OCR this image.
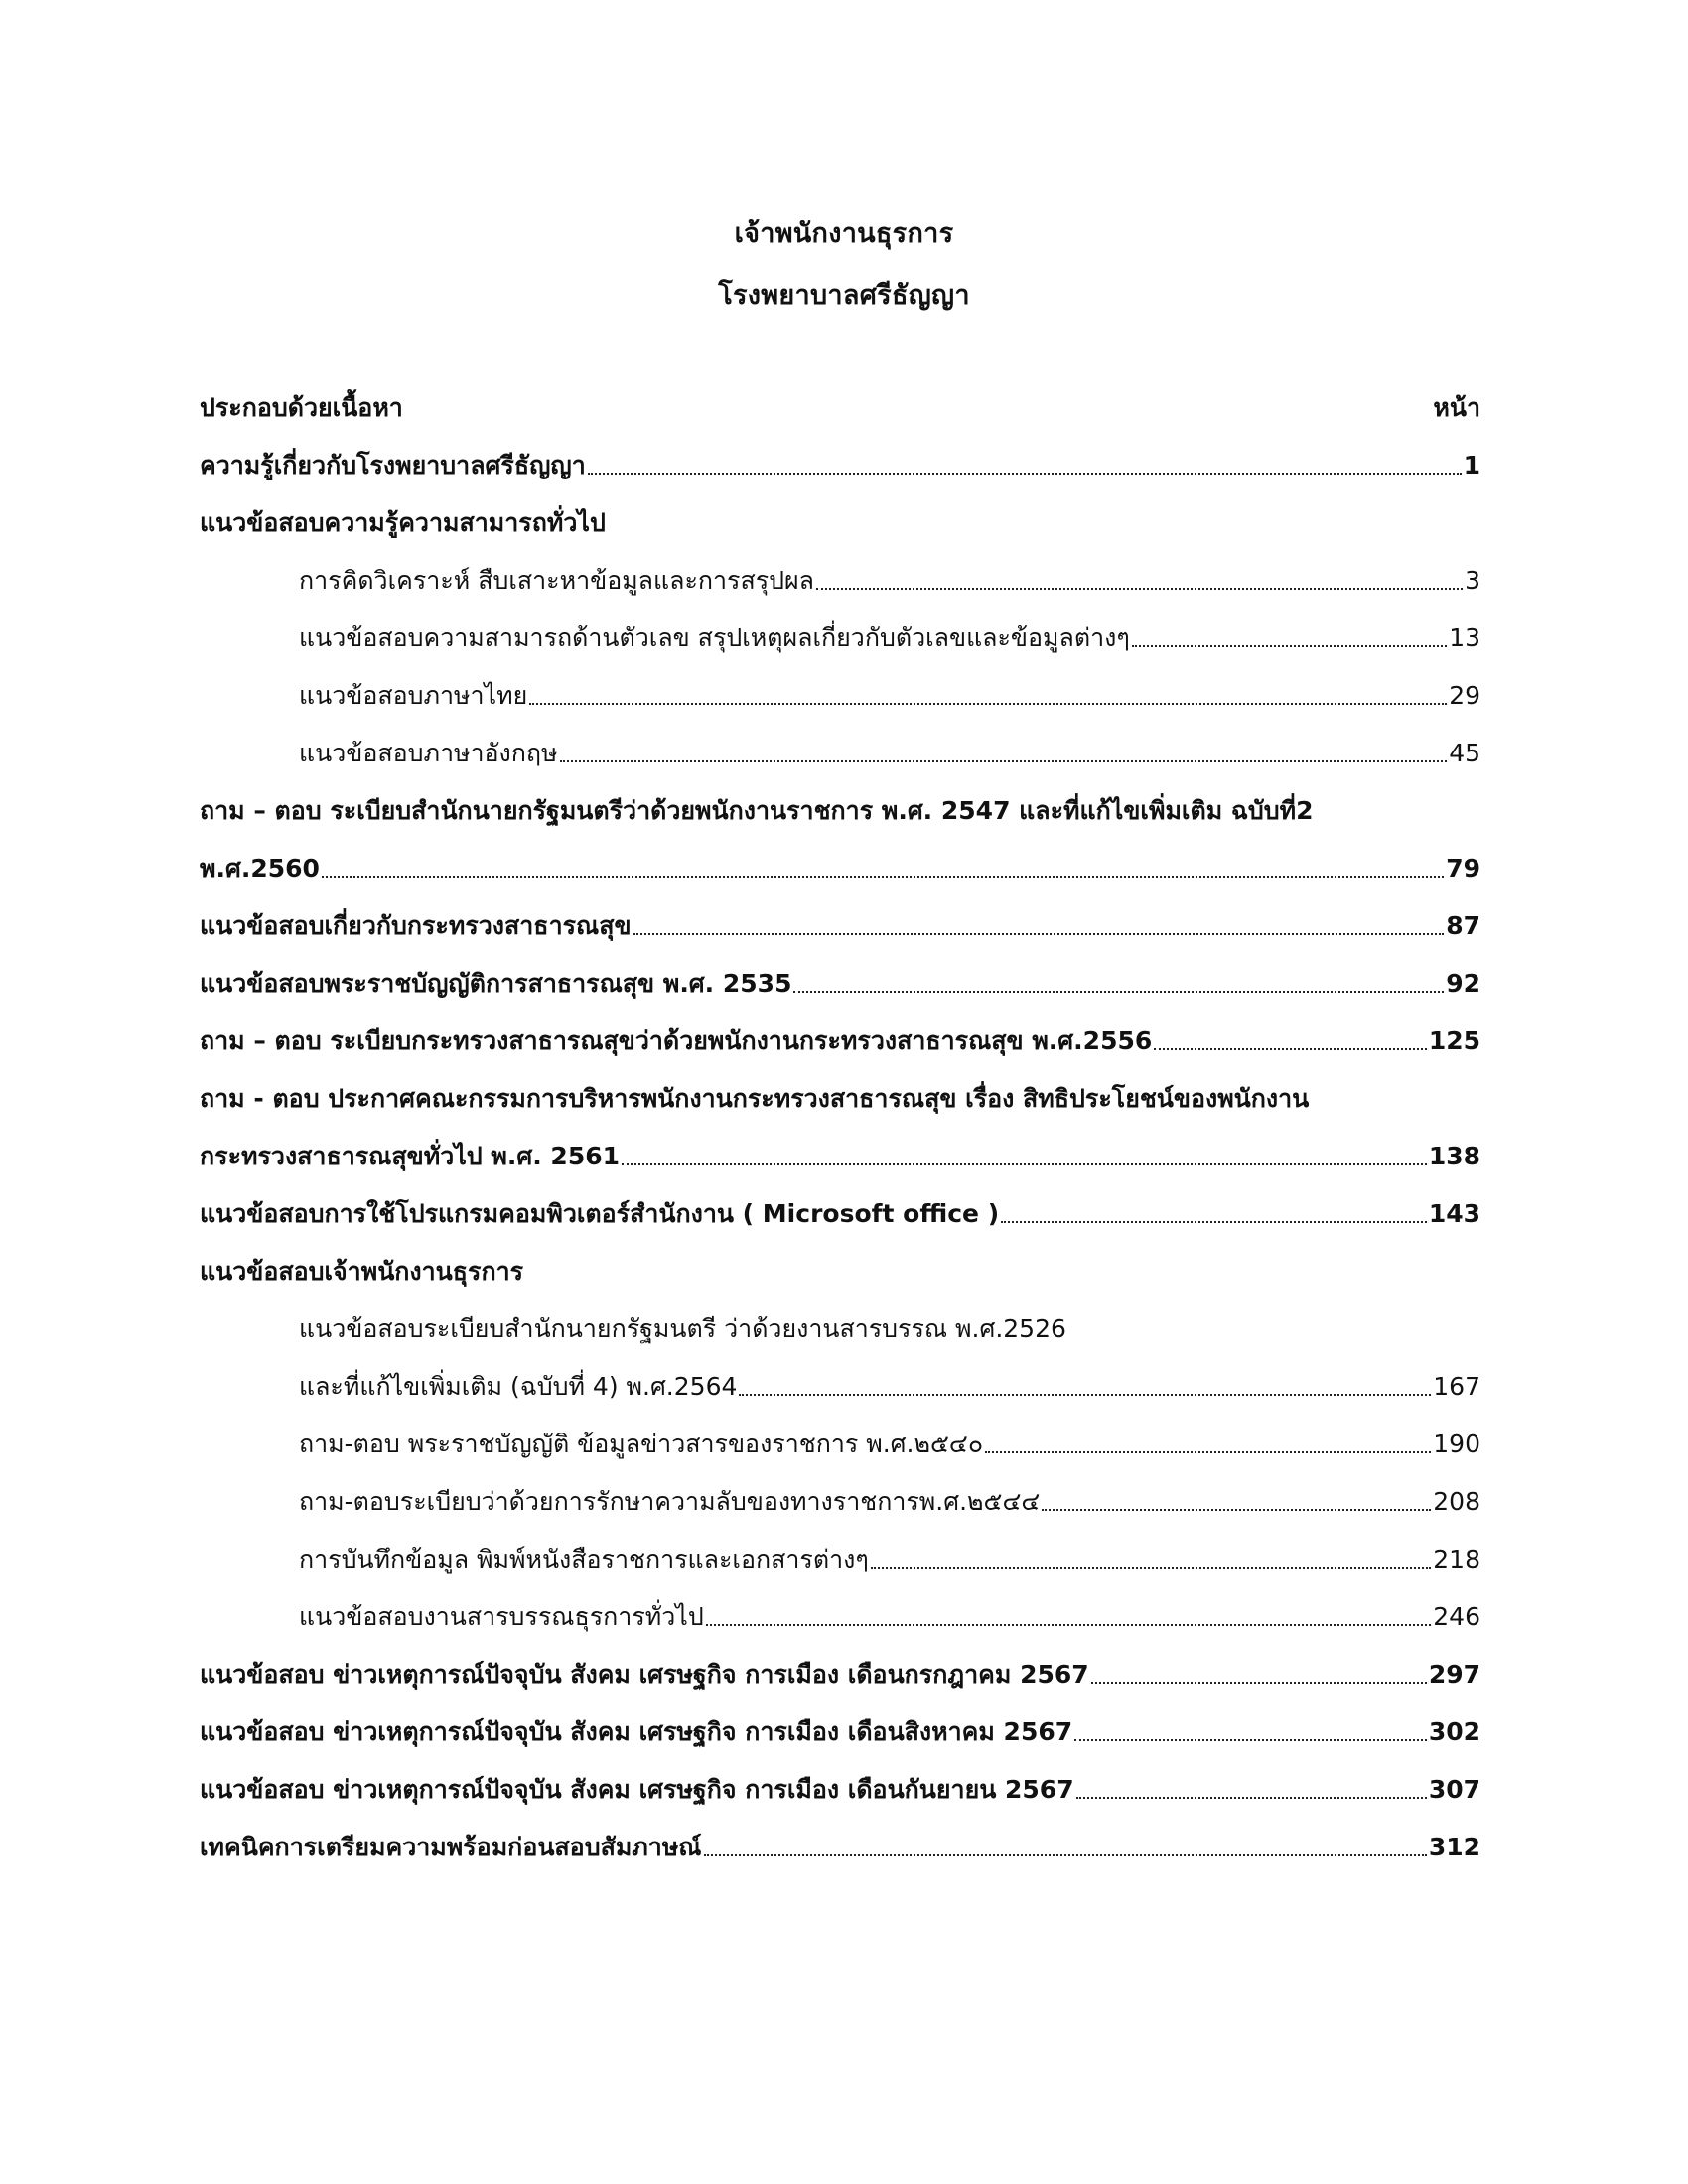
เจ้าพนักงานธุรการ
โรงพยาบาลศรีธัญญา
ประกอบด้วยเนื้อหา	หน้า
ความรู้เกี่ยวกับโรงพยาบาลศรีธัญญา	1
แนวข้อสอบความรู้ความสามารถทั่วไป
การคิดวิเคราะห์ สืบเสาะหาข้อมูลและการสรุปผล	3
แนวข้อสอบความสามารถด้านตัวเลข สรุปเหตุผลเกี่ยวกับตัวเลขและข้อมูลต่างๆ	13
แนวข้อสอบภาษาไทย	29
แนวข้อสอบภาษาอังกฤษ	45
ถาม – ตอบ ระเบียบสำนักนายกรัฐมนตรีว่าด้วยพนักงานราชการ พ.ศ. 2547 และที่แก้ไขเพิ่มเติม ฉบับที่2
พ.ศ.2560	79
แนวข้อสอบเกี่ยวกับกระทรวงสาธารณสุข	87
แนวข้อสอบพระราชบัญญัติการสาธารณสุข พ.ศ. 2535	92
ถาม – ตอบ ระเบียบกระทรวงสาธารณสุขว่าด้วยพนักงานกระทรวงสาธารณสุข พ.ศ.2556	125
ถาม - ตอบ ประกาศคณะกรรมการบริหารพนักงานกระทรวงสาธารณสุข เรื่อง สิทธิประโยชน์ของพนักงาน
กระทรวงสาธารณสุขทั่วไป พ.ศ. 2561	138
แนวข้อสอบการใช้โปรแกรมคอมพิวเตอร์สำนักงาน ( Microsoft office )	143
แนวข้อสอบเจ้าพนักงานธุรการ
แนวข้อสอบระเบียบสำนักนายกรัฐมนตรี ว่าด้วยงานสารบรรณ พ.ศ.2526
และที่แก้ไขเพิ่มเติม (ฉบับที่ 4) พ.ศ.2564	167
ถาม-ตอบ พระราชบัญญัติ ข้อมูลข่าวสารของราชการ พ.ศ.๒๕๔๐	190
ถาม-ตอบระเบียบว่าด้วยการรักษาความลับของทางราชการพ.ศ.๒๕๔๔	208
การบันทึกข้อมูล พิมพ์หนังสือราชการและเอกสารต่างๆ	218
แนวข้อสอบงานสารบรรณธุรการทั่วไป	246
แนวข้อสอบ ข่าวเหตุการณ์ปัจจุบัน สังคม เศรษฐกิจ การเมือง เดือนกรกฎาคม 2567	297
แนวข้อสอบ ข่าวเหตุการณ์ปัจจุบัน สังคม เศรษฐกิจ การเมือง เดือนสิงหาคม 2567	302
แนวข้อสอบ ข่าวเหตุการณ์ปัจจุบัน สังคม เศรษฐกิจ การเมือง เดือนกันยายน 2567	307
เทคนิคการเตรียมความพร้อมก่อนสอบสัมภาษณ์	312
